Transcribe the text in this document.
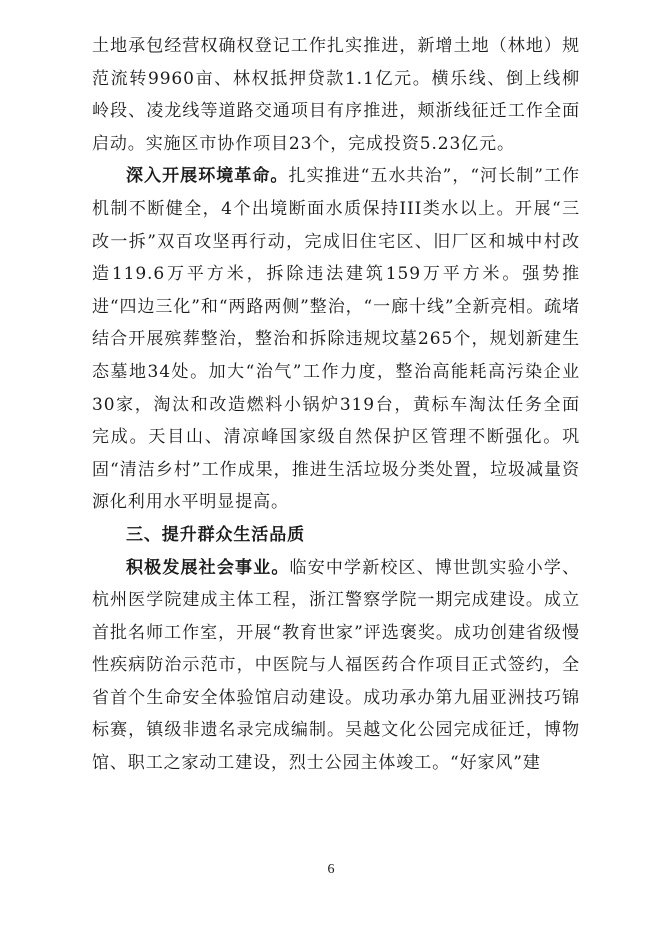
土地承包经营权确权登记工作扎实推进，新增土地（林地）规范流转9960亩、林权抵押贷款1.1亿元。横乐线、倒上线柳岭段、凌龙线等道路交通项目有序推进，颊浙线征迁工作全面启动。实施区市协作项目23个，完成投资5.23亿元。

深入开展环境革命。扎实推进“五水共治”，“河长制”工作机制不断健全，4个出境断面水质保持III类水以上。开展“三改一拆”双百攻坚再行动，完成旧住宅区、旧厂区和城中村改造119.6万平方米，拆除违法建筑159万平方米。强势推进“四边三化”和“两路两侧”整治，“一廊十线”全新亮相。疏堵结合开展殡葬整治，整治和拆除违规坟墓265个，规划新建生态墓地34处。加大“治气”工作力度，整治高能耗高污染企业30家，淘汰和改造燃料小锅炉319台，黄标车淘汰任务全面完成。天目山、清凉峰国家级自然保护区管理不断强化。巩固“清洁乡村”工作成果，推进生活垃圾分类处置，垃圾减量资源化利用水平明显提高。

三、提升群众生活品质

积极发展社会事业。临安中学新校区、博世凯实验小学、杭州医学院建成主体工程，浙江警察学院一期完成建设。成立首批名师工作室，开展“教育世家”评选褒奖。成功创建省级慢性疾病防治示范市，中医院与人福医药合作项目正式签约，全省首个生命安全体验馆启动建设。成功承办第九届亚洲技巧锦标赛，镇级非遗名录完成编制。吴越文化公园完成征迁，博物馆、职工之家动工建设，烈士公园主体竣工。“好家风”建

6
